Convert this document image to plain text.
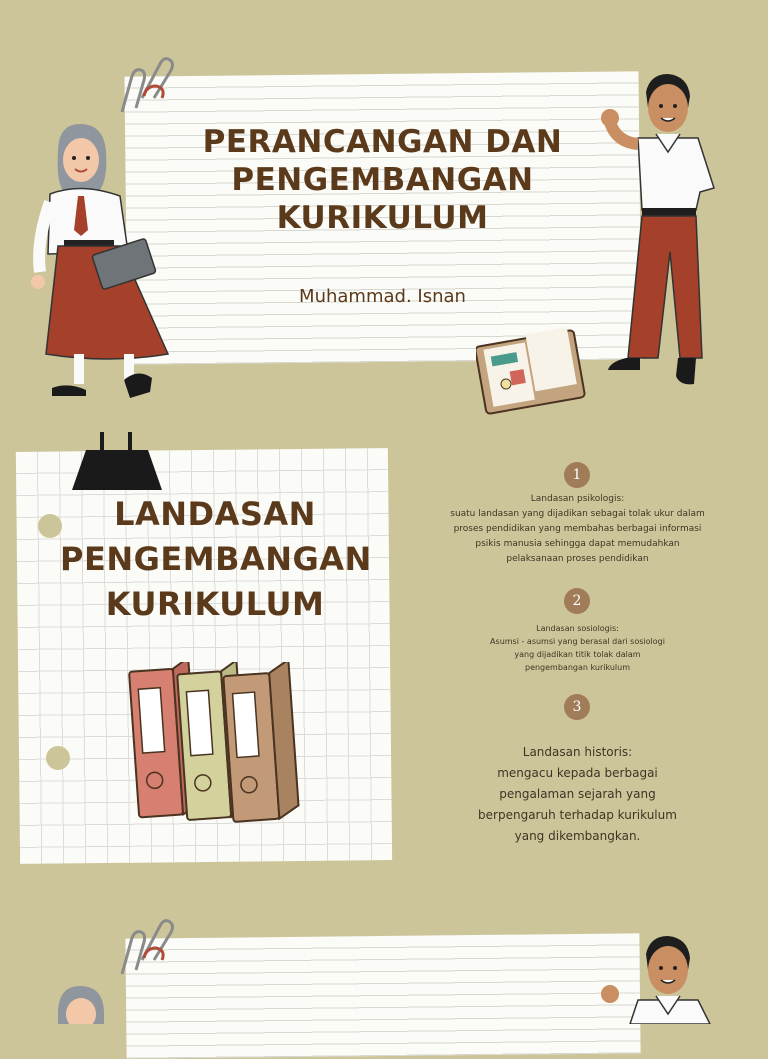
PERANCANGAN DAN
PENGEMBANGAN
KURIKULUM
Muhammad. Isnan
LANDASAN
PENGEMBANGAN
KURIKULUM
1
Landasan psikologis:
suatu landasan yang dijadikan sebagai tolak ukur dalam
proses pendidikan yang membahas berbagai informasi
psikis manusia sehingga dapat memudahkan
pelaksanaan proses pendidikan
2
Landasan sosiologis:
Asumsi - asumsi yang berasal dari sosiologi
yang dijadikan titik tolak dalam
pengembangan kurikulum
3
Landasan historis:
mengacu kepada berbagai
pengalaman sejarah yang
berpengaruh terhadap kurikulum
yang dikembangkan.
